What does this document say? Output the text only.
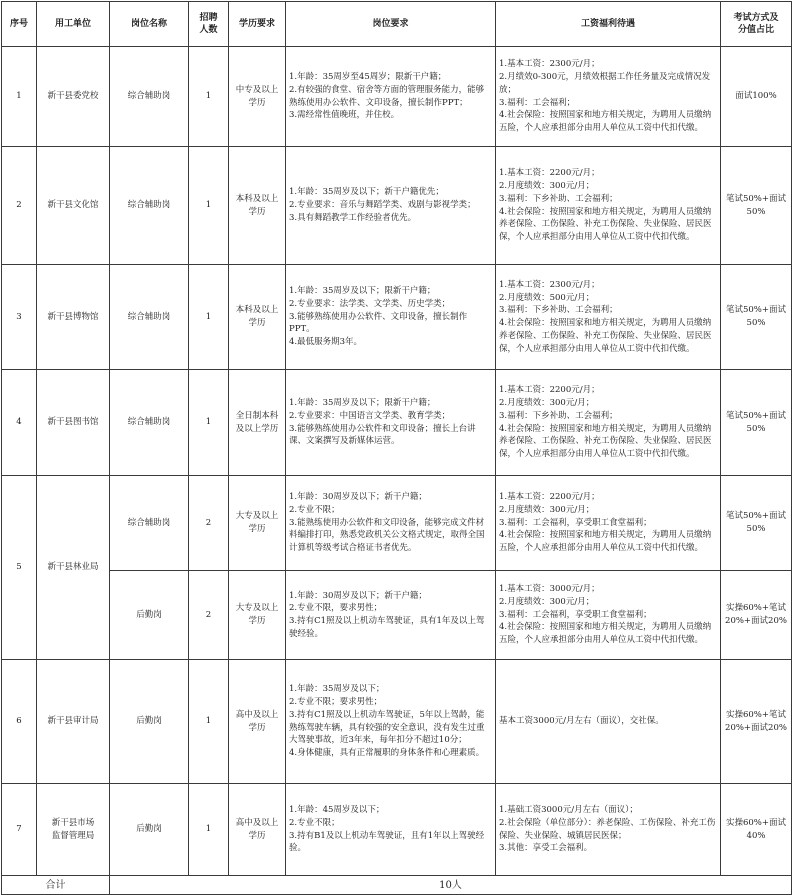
序号	用工单位	岗位名称	招聘
人数	学历要求	岗位要求	工资福利待遇	考试方式及
分值占比
1	新干县委党校	综合辅助岗	1	中专及以上
学历	1.年龄：35周岁至45周岁；限新干户籍；
2.有较强的食堂、宿舍等方面的管理服务能力，能够熟练使用办公软件、文印设备，擅长制作PPT；
3.需经常性值晚班，并住校。	1.基本工资：2300元/月；
2.月绩效0-300元，月绩效根据工作任务量及完成情况发放；
3.福利：工会福利；
4.社会保险：按照国家和地方相关规定，为聘用人员缴纳五险，个人应承担部分由用人单位从工资中代扣代缴。	面试100%
2	新干县文化馆	综合辅助岗	1	本科及以上
学历	1.年龄：35周岁及以下；新干户籍优先；
2.专业要求：音乐与舞蹈学类、戏剧与影视学类；
3.具有舞蹈教学工作经验者优先。	1.基本工资：2200元/月；
2.月度绩效：300元/月；
3.福利：下乡补助、工会福利；
4.社会保险：按照国家和地方相关规定，为聘用人员缴纳养老保险、工伤保险、补充工伤保险、失业保险、居民医保，个人应承担部分由用人单位从工资中代扣代缴。	笔试50%+面试
50%
3	新干县博物馆	综合辅助岗	1	本科及以上
学历	1.年龄：35周岁及以下；限新干户籍；
2.专业要求：法学类、文学类、历史学类；
3.能够熟练使用办公软件、文印设备，擅长制作PPT。
4.最低服务期3年。	1.基本工资：2300元/月；
2.月度绩效：500元/月；
3.福利：下乡补助、工会福利；
4.社会保险：按照国家和地方相关规定，为聘用人员缴纳养老保险、工伤保险、补充工伤保险、失业保险、居民医保，个人应承担部分由用人单位从工资中代扣代缴。	笔试50%+面试
50%
4	新干县图书馆	综合辅助岗	1	全日制本科
及以上学历	1.年龄：35周岁及以下；限新干户籍；
2.专业要求：中国语言文学类、教育学类；
3.能够熟练使用办公软件和文印设备；擅长上台讲课、文案撰写及新媒体运营。	1.基本工资：2200元/月；
2.月度绩效：300元/月；
3.福利：下乡补助、工会福利；
4.社会保险：按照国家和地方相关规定，为聘用人员缴纳养老保险、工伤保险、补充工伤保险、失业保险、居民医保，个人应承担部分由用人单位从工资中代扣代缴。	笔试50%+面试
50%
5	新干县林业局	综合辅助岗	2	大专及以上
学历	1.年龄：30周岁及以下；新干户籍；
2.专业不限；
3.能熟练使用办公软件和文印设备，能够完成文件材料编排打印，熟悉党政机关公文格式规定，取得全国计算机等级考试合格证书者优先。	1.基本工资：2200元/月；
2.月度绩效：300元/月；
3.福利：工会福利，享受职工食堂福利；
4.社会保险：按照国家和地方相关规定，为聘用人员缴纳五险，个人应承担部分由用人单位从工资中代扣代缴。	笔试50%+面试
50%
		后勤岗	2	大专及以上
学历	1.年龄：30周岁及以下；新干户籍；
2.专业不限，要求男性；
3.持有C1照及以上机动车驾驶证，具有1年及以上驾驶经验。	1.基本工资：3000元/月；
2.月度绩效：300元/月；
3.福利：工会福利，享受职工食堂福利；
4.社会保险：按照国家和地方相关规定，为聘用人员缴纳五险，个人应承担部分由用人单位从工资中代扣代缴。	实操60%+笔试
20%+面试20%
6	新干县审计局	后勤岗	1	高中及以上
学历	1.年龄：35周岁及以下；
2.专业不限；要求男性；
3.持有C1照及以上机动车驾驶证，5年以上驾龄，能熟练驾驶车辆，具有较强的安全意识，没有发生过重大驾驶事故，近3年来，每年扣分不超过10分；
4.身体健康，具有正常履职的身体条件和心理素质。	基本工资3000元/月左右（面议），交社保。	实操60%+笔试
20%+面试20%
7	新干县市场
监督管理局	后勤岗	1	高中及以上
学历	1.年龄：45周岁及以下；
2.专业不限；
3.持有B1及以上机动车驾驶证，且有1年以上驾驶经验。	1.基础工资3000元/月左右（面议）；
2.社会保险（单位部分）：养老保险、工伤保险、补充工伤保险、失业保险、城镇居民医保；
3.其他：享受工会福利。	实操60%+面试
40%
合计		10人					
